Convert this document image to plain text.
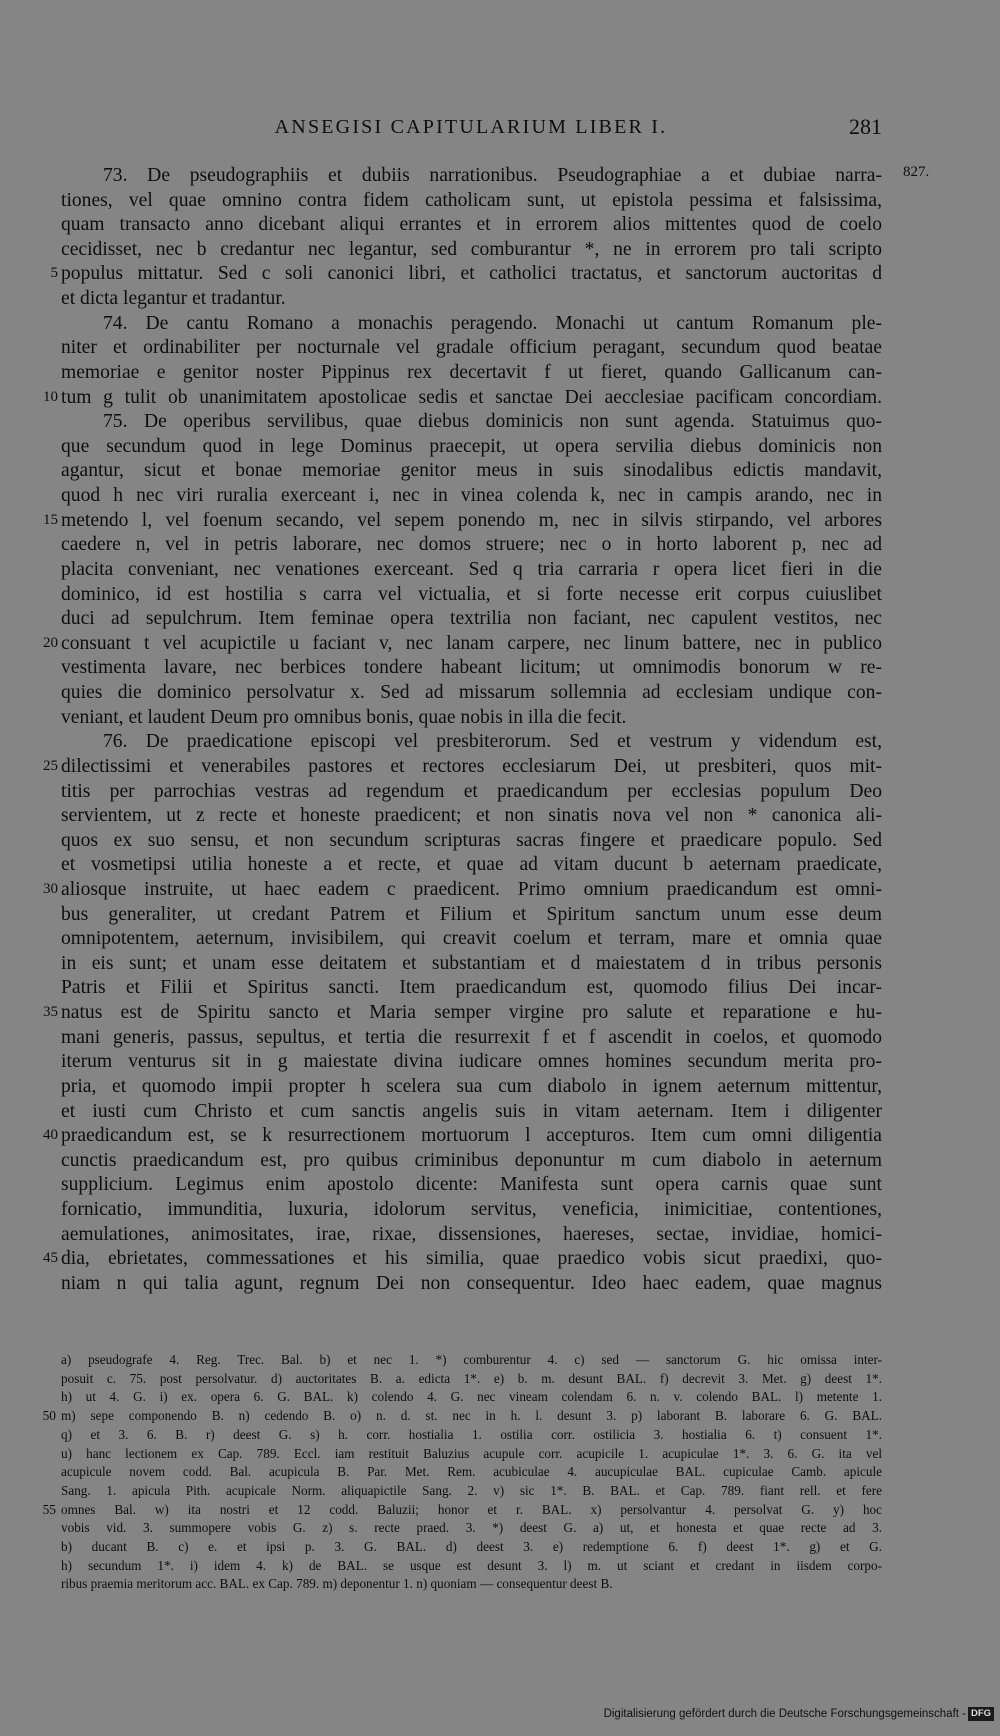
ANSEGISI CAPITULARIUM LIBER I.	281
827.
73. De pseudographiis et dubiis narrationibus. Pseudographiae a et dubiae narra-
tiones, vel quae omnino contra fidem catholicam sunt, ut epistola pessima et falsissima,
quam transacto anno dicebant aliqui errantes et in errorem alios mittentes quod de coelo
cecidisset, nec b credantur nec legantur, sed comburantur *, ne in errorem pro tali scripto
populus mittatur. Sed c soli canonici libri, et catholici tractatus, et sanctorum auctoritas d
5
et dicta legantur et tradantur.
74. De cantu Romano a monachis peragendo. Monachi ut cantum Romanum ple-
niter et ordinabiliter per nocturnale vel gradale officium peragant, secundum quod beatae
memoriae e genitor noster Pippinus rex decertavit f ut fieret, quando Gallicanum can-
tum g tulit ob unanimitatem apostolicae sedis et sanctae Dei aecclesiae pacificam concordiam.
10
75. De operibus servilibus, quae diebus dominicis non sunt agenda. Statuimus quo-
que secundum quod in lege Dominus praecepit, ut opera servilia diebus dominicis non
agantur, sicut et bonae memoriae genitor meus in suis sinodalibus edictis mandavit,
quod h nec viri ruralia exerceant i, nec in vinea colenda k, nec in campis arando, nec in
metendo l, vel foenum secando, vel sepem ponendo m, nec in silvis stirpando, vel arbores
15
caedere n, vel in petris laborare, nec domos struere; nec o in horto laborent p, nec ad
placita conveniant, nec venationes exerceant. Sed q tria carraria r opera licet fieri in die
dominico, id est hostilia s carra vel victualia, et si forte necesse erit corpus cuiuslibet
duci ad sepulchrum. Item feminae opera textrilia non faciant, nec capulent vestitos, nec
consuant t vel acupictile u faciant v, nec lanam carpere, nec linum battere, nec in publico
20
vestimenta lavare, nec berbices tondere habeant licitum; ut omnimodis bonorum w re-
quies die dominico persolvatur x. Sed ad missarum sollemnia ad ecclesiam undique con-
veniant, et laudent Deum pro omnibus bonis, quae nobis in illa die fecit.
76. De praedicatione episcopi vel presbiterorum. Sed et vestrum y videndum est,
dilectissimi et venerabiles pastores et rectores ecclesiarum Dei, ut presbiteri, quos mit-
25
titis per parrochias vestras ad regendum et praedicandum per ecclesias populum Deo
servientem, ut z recte et honeste praedicent; et non sinatis nova vel non * canonica ali-
quos ex suo sensu, et non secundum scripturas sacras fingere et praedicare populo. Sed
et vosmetipsi utilia honeste a et recte, et quae ad vitam ducunt b aeternam praedicate,
aliosque instruite, ut haec eadem c praedicent. Primo omnium praedicandum est omni-
30
bus generaliter, ut credant Patrem et Filium et Spiritum sanctum unum esse deum
omnipotentem, aeternum, invisibilem, qui creavit coelum et terram, mare et omnia quae
in eis sunt; et unam esse deitatem et substantiam et d maiestatem d in tribus personis
Patris et Filii et Spiritus sancti. Item praedicandum est, quomodo filius Dei incar-
natus est de Spiritu sancto et Maria semper virgine pro salute et reparatione e hu-
35
mani generis, passus, sepultus, et tertia die resurrexit f et f ascendit in coelos, et quomodo
iterum venturus sit in g maiestate divina iudicare omnes homines secundum merita pro-
pria, et quomodo impii propter h scelera sua cum diabolo in ignem aeternum mittentur,
et iusti cum Christo et cum sanctis angelis suis in vitam aeternam. Item i diligenter
praedicandum est, se k resurrectionem mortuorum l accepturos. Item cum omni diligentia
40
cunctis praedicandum est, pro quibus criminibus deponuntur m cum diabolo in aeternum
supplicium. Legimus enim apostolo dicente: Manifesta sunt opera carnis quae sunt
fornicatio, immunditia, luxuria, idolorum servitus, veneficia, inimicitiae, contentiones,
aemulationes, animositates, irae, rixae, dissensiones, haereses, sectae, invidiae, homici-
dia, ebrietates, commessationes et his similia, quae praedico vobis sicut praedixi, quo-
45
niam n qui talia agunt, regnum Dei non consequentur. Ideo haec eadem, quae magnus
a) pseudografe 4. Reg. Trec. Bal. b) et nec 1. *) comburentur 4. c) sed — sanctorum G. hic omissa inter-
posuit c. 75. post persolvatur. d) auctoritates B. a. edicta 1*. e) b. m. desunt BAL. f) decrevit 3. Met. g) deest 1*.
h) ut 4. G. i) ex. opera 6. G. BAL. k) colendo 4. G. nec vineam colendam 6. n. v. colendo BAL. l) metente 1.
m) sepe componendo B. n) cedendo B. o) n. d. st. nec in h. l. desunt 3. p) laborant B. laborare 6. G. BAL.
50
q) et 3. 6. B. r) deest G. s) h. corr. hostialia 1. ostilia corr. ostilicia 3. hostialia 6. t) consuent 1*.
u) hanc lectionem ex Cap. 789. Eccl. iam restituit Baluzius acupule corr. acupicile 1. acupiculae 1*. 3. 6. G. ita vel
acupicule novem codd. Bal. acupicula B. Par. Met. Rem. acubiculae 4. aucupiculae BAL. cupiculae Camb. apicule
Sang. 1. apicula Pith. acupicale Norm. aliquapictile Sang. 2. v) sic 1*. B. BAL. et Cap. 789. fiant rell. et fere
omnes Bal. w) ita nostri et 12 codd. Baluzii; honor et r. BAL. x) persolvantur 4. persolvat G. y) hoc
55
vobis vid. 3. summopere vobis G. z) s. recte praed. 3. *) deest G. a) ut, et honesta et quae recte ad 3.
b) ducant B. c) e. et ipsi p. 3. G. BAL. d) deest 3. e) redemptione 6. f) deest 1*. g) et G.
h) secundum 1*. i) idem 4. k) de BAL. se usque est desunt 3. l) m. ut sciant et credant in iisdem corpo-
ribus praemia meritorum acc. BAL. ex Cap. 789. m) deponentur 1. n) quoniam — consequentur deest B.
Digitalisierung gefördert durch die Deutsche Forschungsgemeinschaft - DFG
